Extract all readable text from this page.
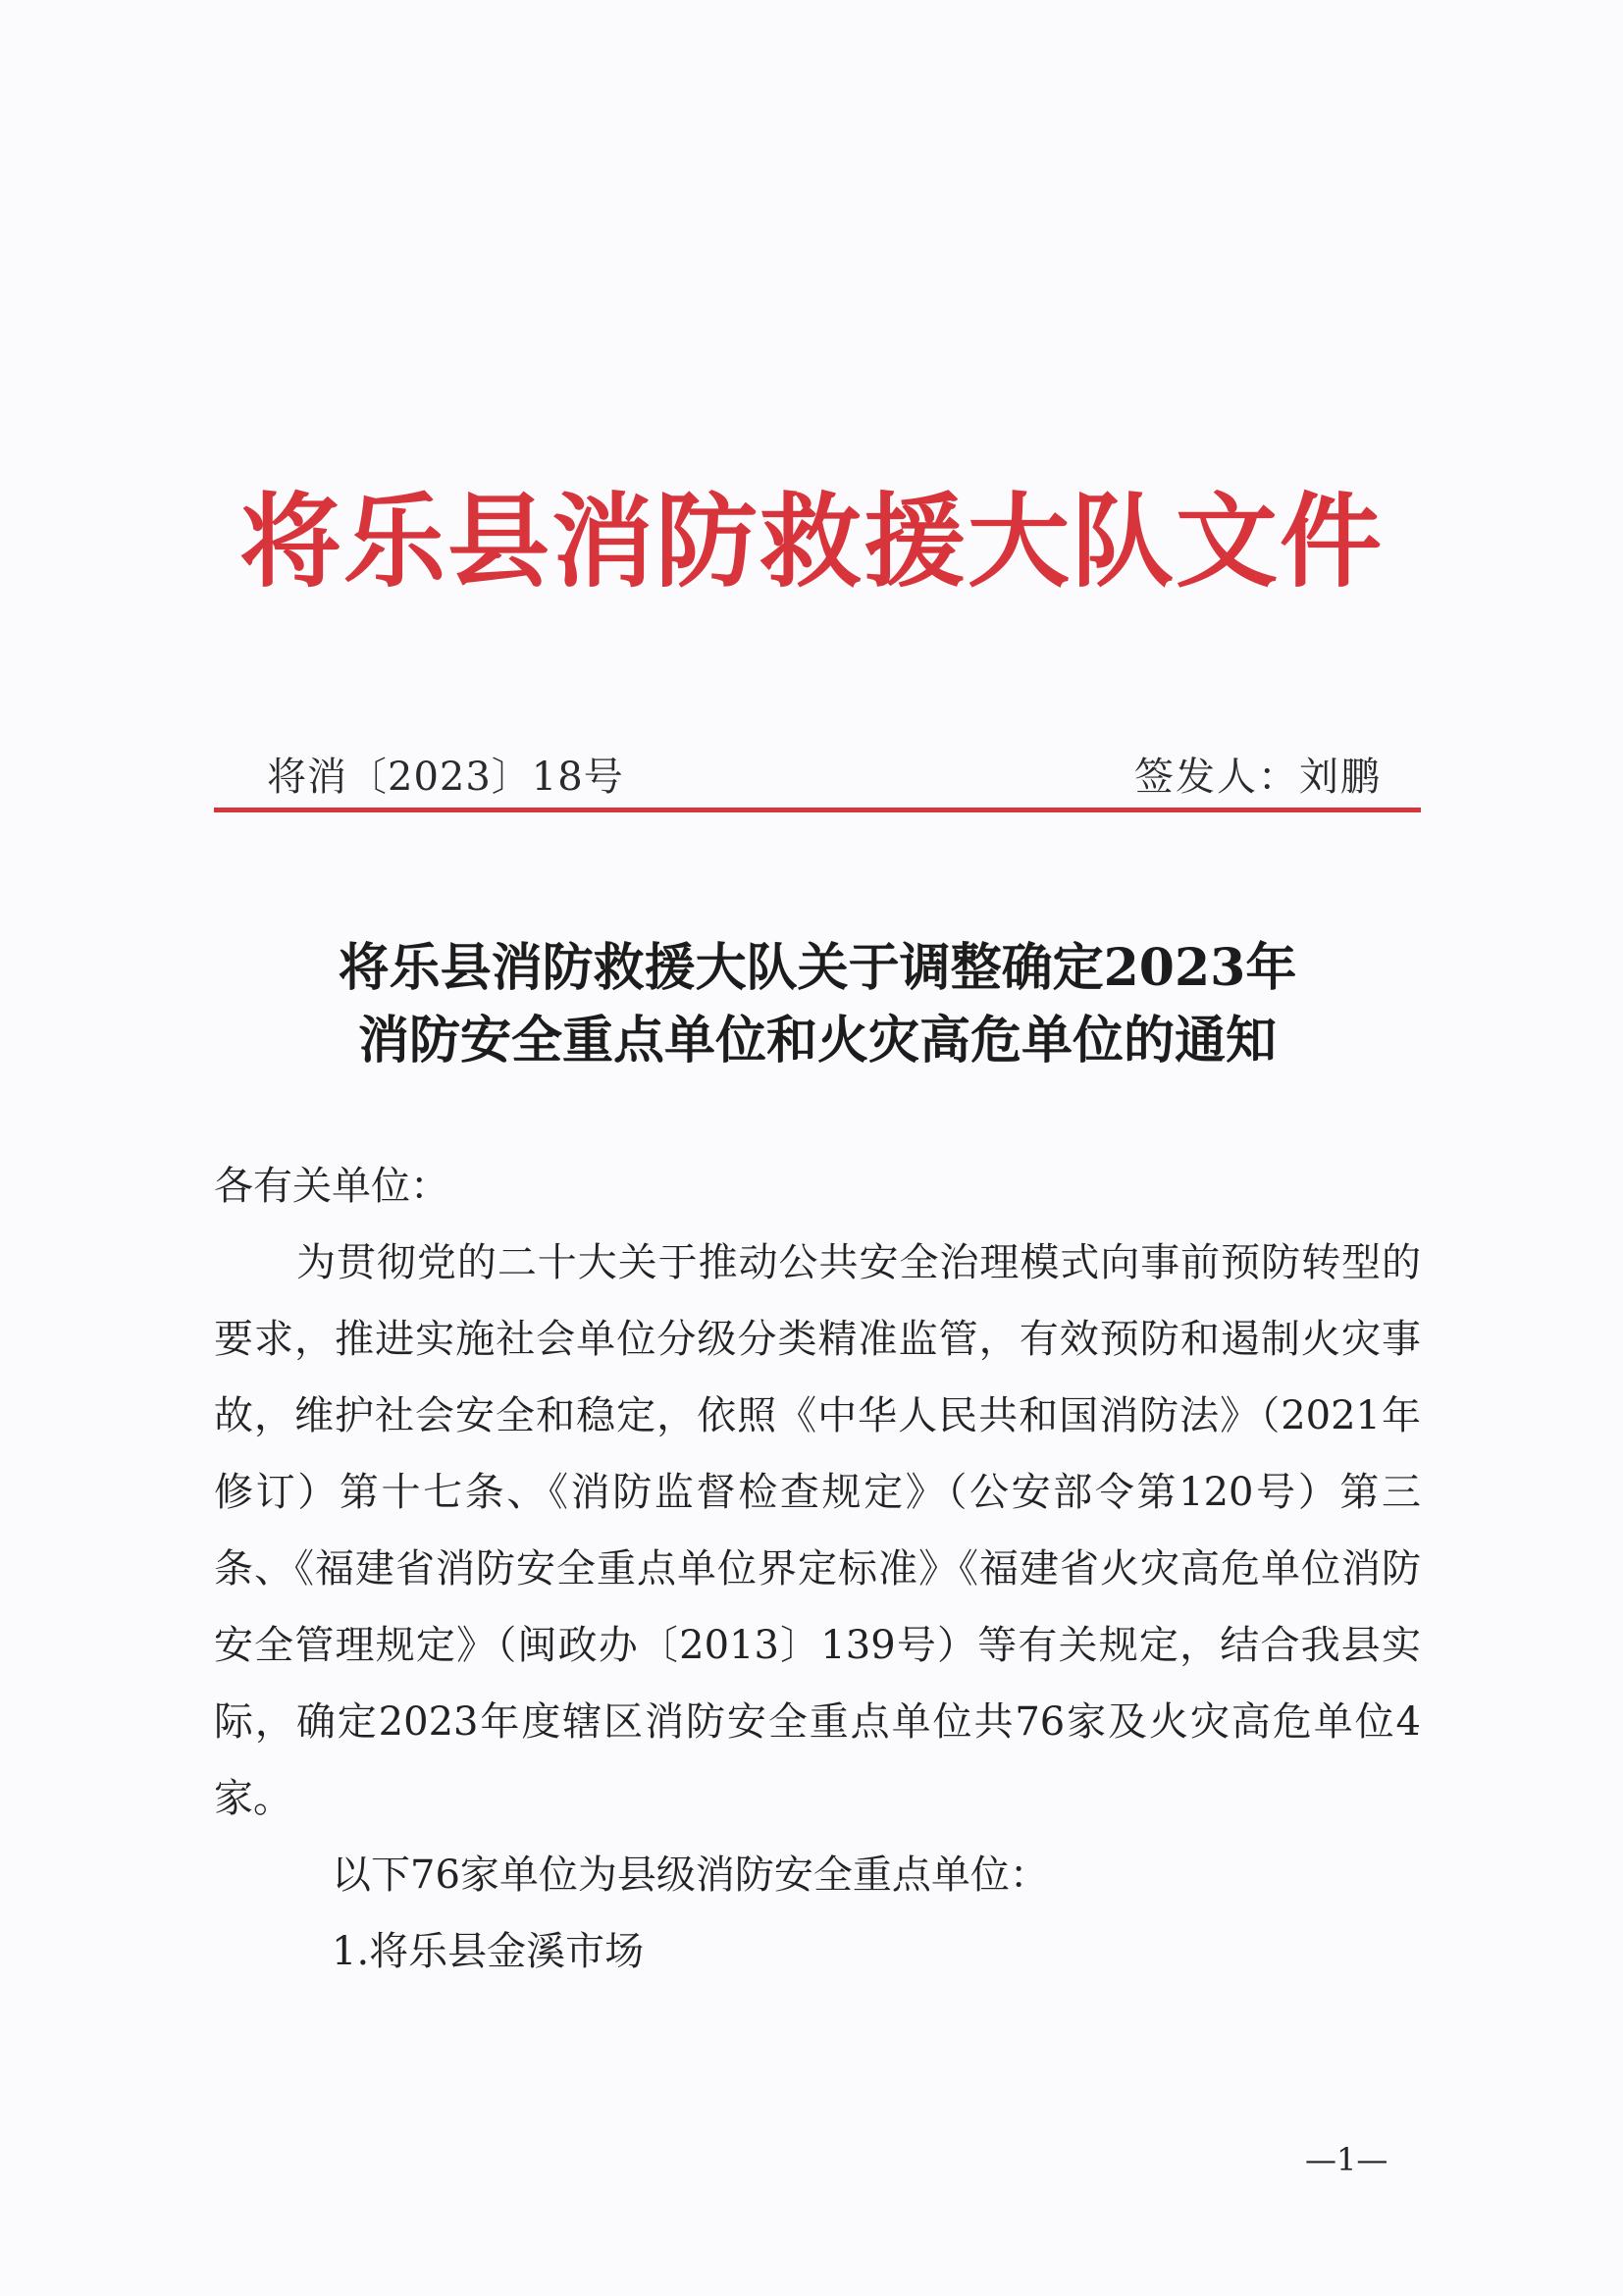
将乐县消防救援大队文件
将消〔2023〕18号	签发人：刘鹏
将乐县消防救援大队关于调整确定2023年
消防安全重点单位和火灾高危单位的通知

各有关单位：

为贯彻党的二十大关于推动公共安全治理模式向事前预防转型的要求，推进实施社会单位分级分类精准监管，有效预防和遏制火灾事故，维护社会安全和稳定，依照《中华人民共和国消防法》（2021年修订）第十七条、《消防监督检查规定》（公安部令第120号）第三条、《福建省消防安全重点单位界定标准》《福建省火灾高危单位消防安全管理规定》（闽政办〔2013〕139号）等有关规定，结合我县实际，确定2023年度辖区消防安全重点单位共76家及火灾高危单位4家。

以下76家单位为县级消防安全重点单位：

1.将乐县金溪市场

—1—
